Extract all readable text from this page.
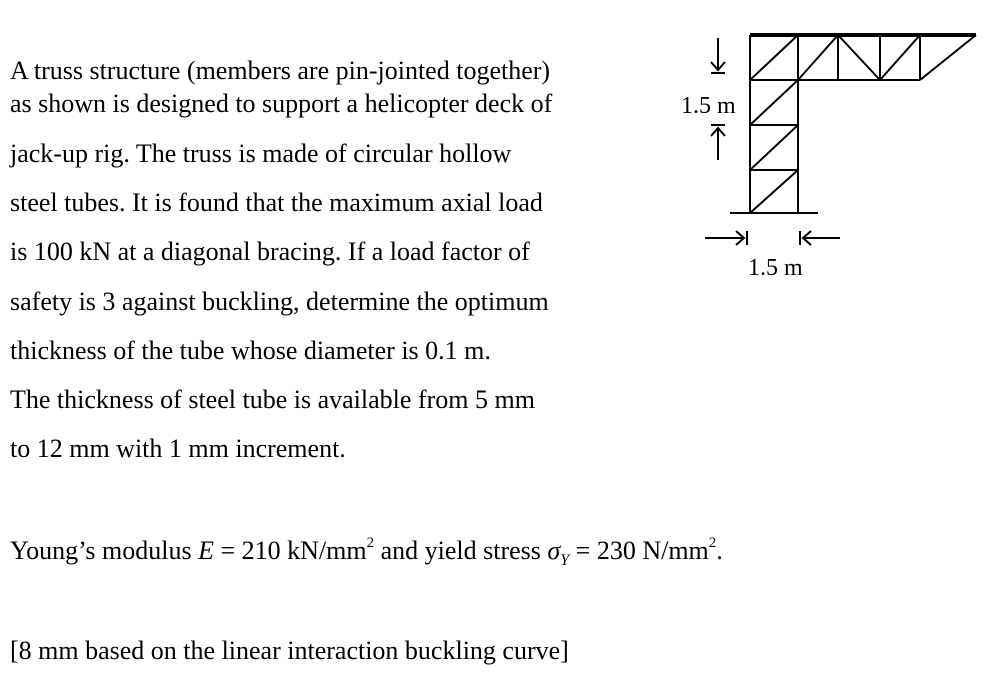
A truss structure (members are pin-jointed together)
as shown is designed to support a helicopter deck of
jack-up rig. The truss is made of circular hollow
steel tubes. It is found that the maximum axial load
is 100 kN at a diagonal bracing. If a load factor of
safety is 3 against buckling, determine the optimum
thickness of the tube whose diameter is 0.1 m.
The thickness of steel tube is available from 5 mm
to 12 mm with 1 mm increment.
Young’s modulus E = 210 $kN/mm^2$ and yield stress $\sigma_Y = 230$ $N/mm^2$.
[8 mm based on the linear interaction buckling curve]
1.5 m
1.5 m
